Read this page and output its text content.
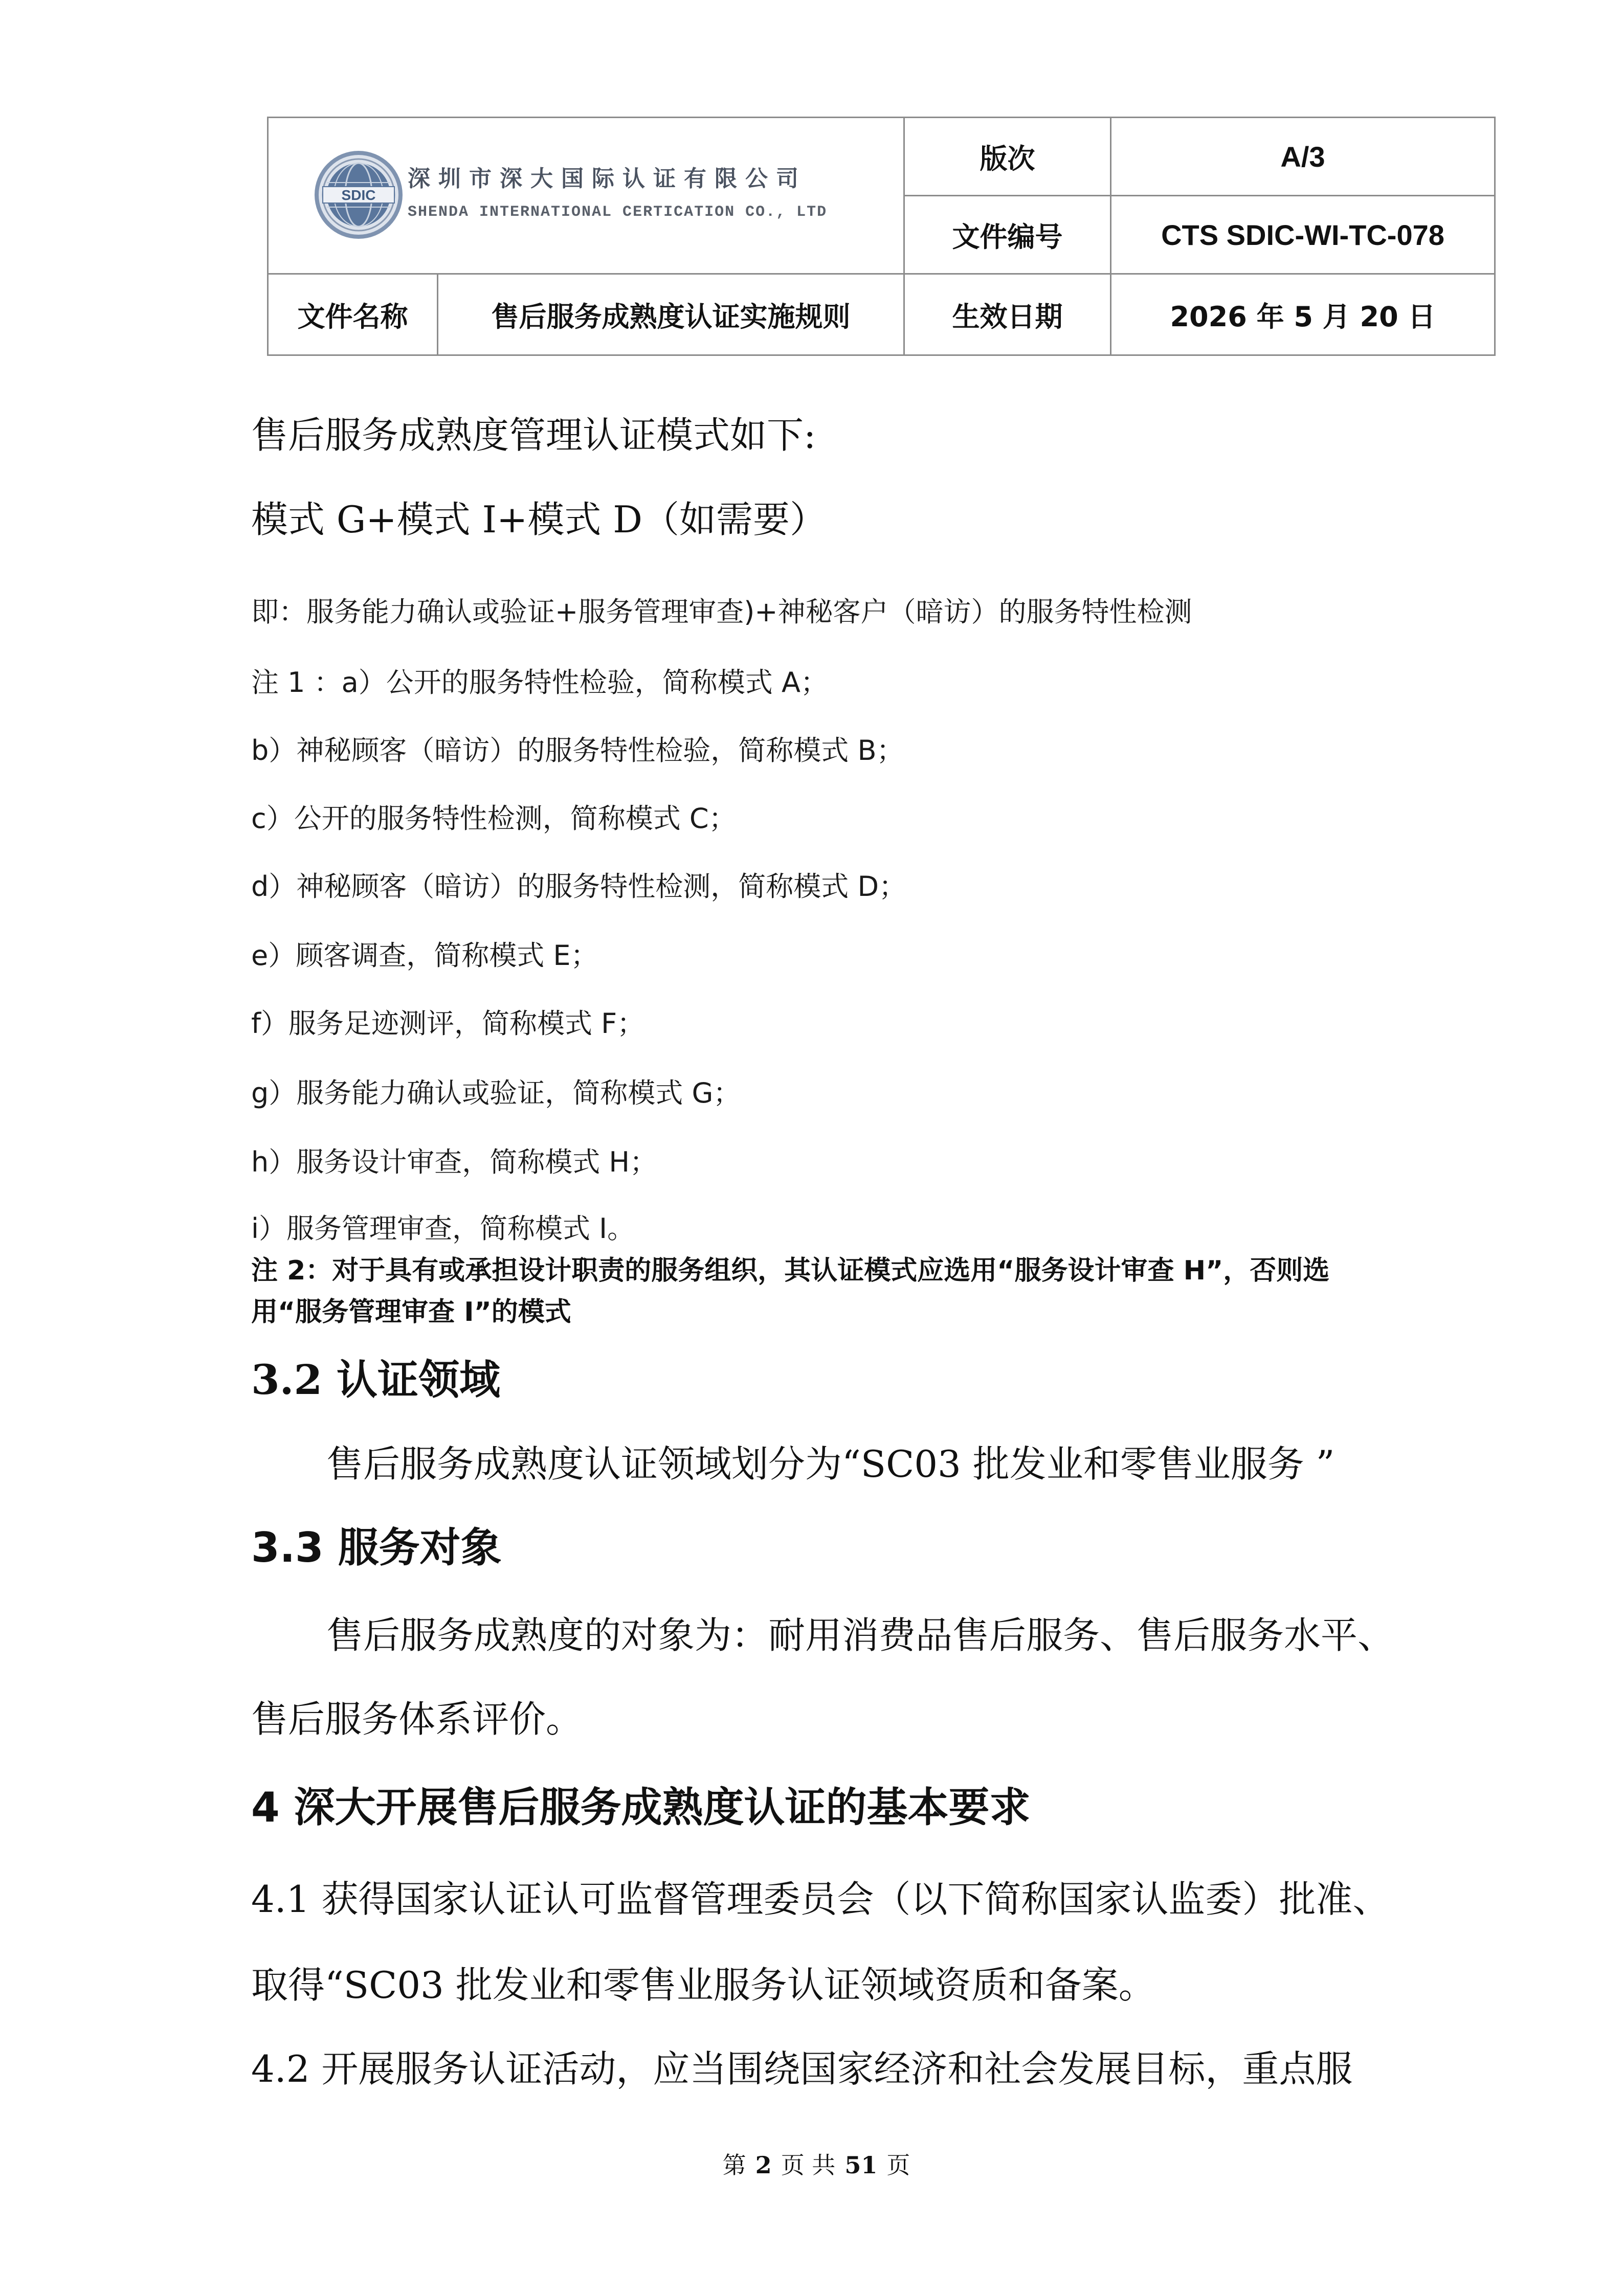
SDIC
深圳市深大国际认证有限公司
SHENDA INTERNATIONAL CERTICATION CO., LTD
版次	A/3
文件编号	CTS SDIC-WI-TC-078
文件名称	售后服务成熟度认证实施规则	生效日期	2026 年 5 月 20 日
售后服务成熟度管理认证模式如下:
模式 G+模式 I+模式 D（如需要）
即：服务能力确认或验证+服务管理审查)+神秘客户（暗访）的服务特性检测
注 1 ：a）公开的服务特性检验，简称模式 A；
b）神秘顾客（暗访）的服务特性检验，简称模式 B；
c）公开的服务特性检测，简称模式 C；
d）神秘顾客（暗访）的服务特性检测，简称模式 D；
e）顾客调查，简称模式 E；
f）服务足迹测评，简称模式 F；
g）服务能力确认或验证，简称模式 G；
h）服务设计审查，简称模式 H；
i）服务管理审查，简称模式 I。
注 2：对于具有或承担设计职责的服务组织，其认证模式应选用“服务设计审查 H”，否则选
用“服务管理审查 I”的模式
3.2 认证领域
售后服务成熟度认证领域划分为“SC03 批发业和零售业服务 ”
3.3 服务对象
售后服务成熟度的对象为：耐用消费品售后服务、售后服务水平、
售后服务体系评价。
4 深大开展售后服务成熟度认证的基本要求
4.1 获得国家认证认可监督管理委员会（以下简称国家认监委）批准、
取得“SC03 批发业和零售业服务认证领域资质和备案。
4.2 开展服务认证活动，应当围绕国家经济和社会发展目标，重点服
第 2 页 共 51 页
